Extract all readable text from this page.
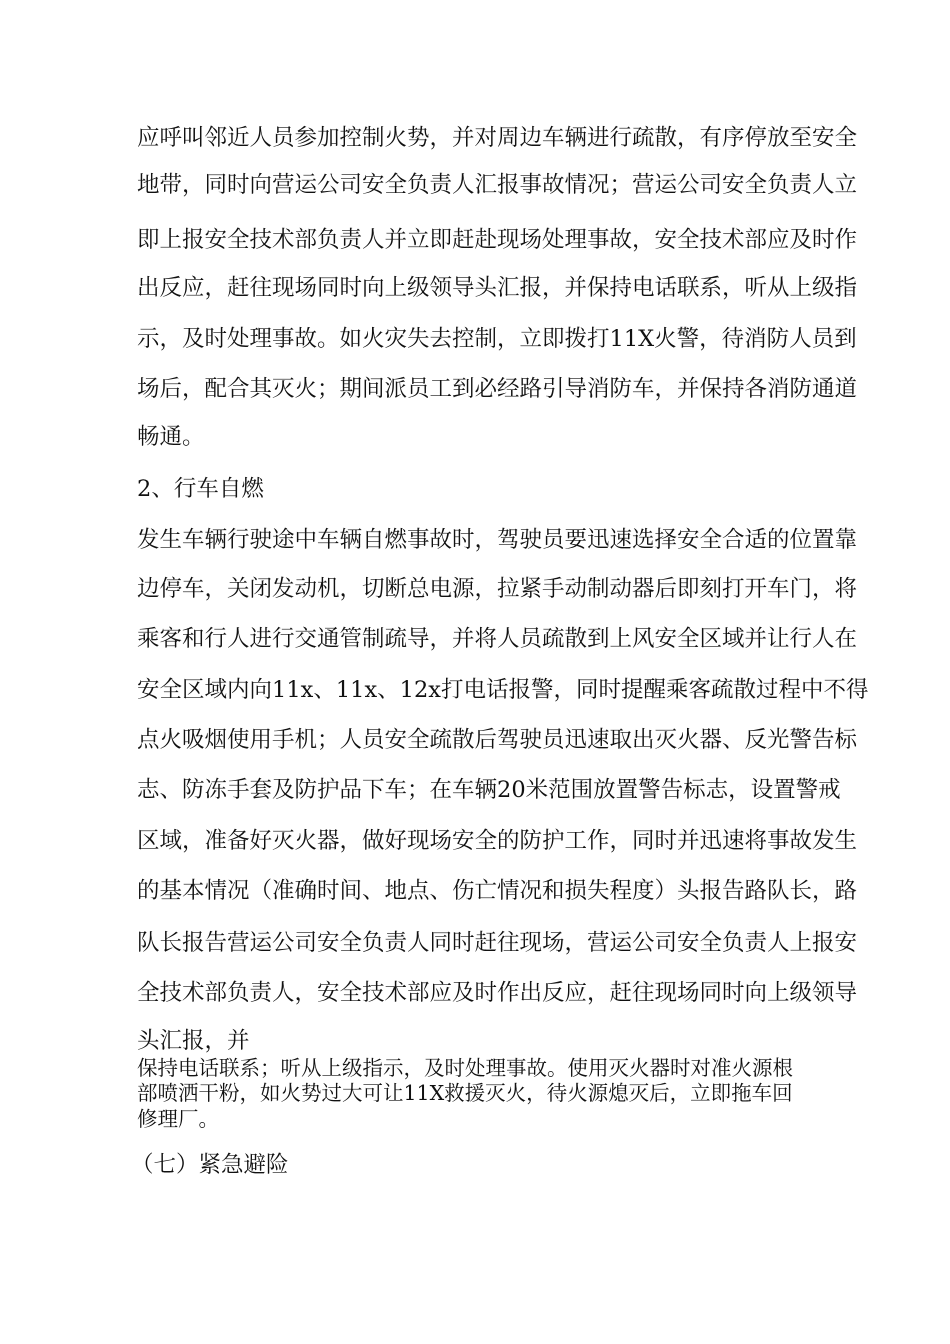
应呼叫邻近人员参加控制火势，并对周边车辆进行疏散，有序停放至安全

地带，同时向营运公司安全负责人汇报事故情况；营运公司安全负责人立

即上报安全技术部负责人并立即赶赴现场处理事故，安全技术部应及时作

出反应，赶往现场同时向上级领导头汇报，并保持电话联系，听从上级指

示，及时处理事故。如火灾失去控制，立即拨打11X火警，待消防人员到

场后，配合其灭火；期间派员工到必经路引导消防车，并保持各消防通道

畅通。

2、行车自燃

发生车辆行驶途中车辆自燃事故时，驾驶员要迅速选择安全合适的位置靠

边停车，关闭发动机，切断总电源，拉紧手动制动器后即刻打开车门，将

乘客和行人进行交通管制疏导，并将人员疏散到上风安全区域并让行人在

安全区域内向11x、11x、12x打电话报警，同时提醒乘客疏散过程中不得

点火吸烟使用手机；人员安全疏散后驾驶员迅速取出灭火器、反光警告标

志、防冻手套及防护品下车；在车辆20米范围放置警告标志，设置警戒

区域，准备好灭火器，做好现场安全的防护工作，同时并迅速将事故发生

的基本情况（准确时间、地点、伤亡情况和损失程度）头报告路队长，路

队长报告营运公司安全负责人同时赶往现场，营运公司安全负责人上报安

全技术部负责人，安全技术部应及时作出反应，赶往现场同时向上级领导

头汇报，并

保持电话联系；听从上级指示，及时处理事故。使用灭火器时对准火源根

部喷洒干粉，如火势过大可让11X救援灭火，待火源熄灭后，立即拖车回

修理厂。

（七）紧急避险
